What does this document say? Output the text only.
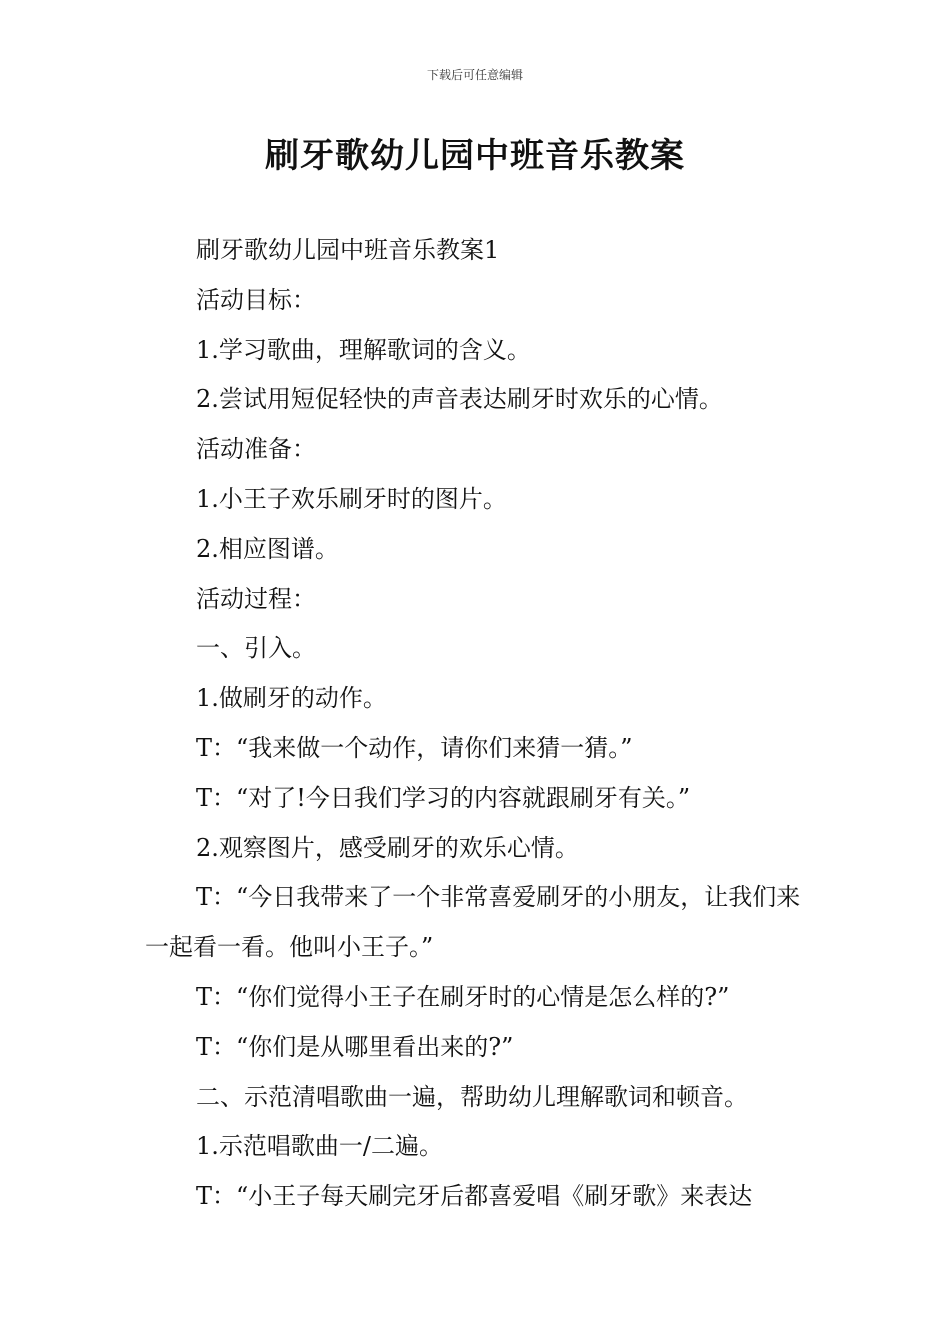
下载后可任意编辑
刷牙歌幼儿园中班音乐教案

刷牙歌幼儿园中班音乐教案1

活动目标：

1.学习歌曲，理解歌词的含义。

2.尝试用短促轻快的声音表达刷牙时欢乐的心情。

活动准备：

1.小王子欢乐刷牙时的图片。

2.相应图谱。

活动过程：

一、引入。

1.做刷牙的动作。

T：“我来做一个动作，请你们来猜一猜。”

T：“对了!今日我们学习的内容就跟刷牙有关。”

2.观察图片，感受刷牙的欢乐心情。

T：“今日我带来了一个非常喜爱刷牙的小朋友，让我们来一起看一看。他叫小王子。”

T：“你们觉得小王子在刷牙时的心情是怎么样的?”

T：“你们是从哪里看出来的?”

二、示范清唱歌曲一遍，帮助幼儿理解歌词和顿音。

1.示范唱歌曲一/二遍。

T：“小王子每天刷完牙后都喜爱唱《刷牙歌》来表达
